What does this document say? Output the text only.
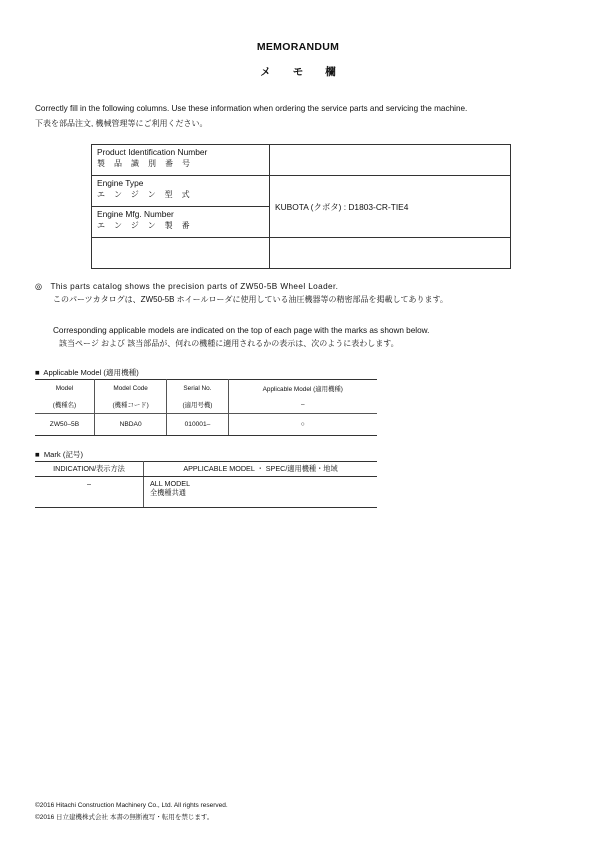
MEMORANDUM
メモ欄
Correctly fill in the following columns. Use these information when ordering the service parts and servicing the machine.
下表を部品注文, 機械管理等にご利用ください。
Product Identification Number
製品識別番号	

Engine Type
エンジン型式	KUBOTA (クボタ) : D1803-CR-TIE4
Engine Mfg. Number
エンジン製番	

◎ This parts catalog shows the precision parts of ZW50-5B Wheel Loader.
このパーツカタログは、ZW50-5B ホイールローダに使用している油圧機器等の精密部品を掲載してあります。
Corresponding applicable models are indicated on the top of each page with the marks as shown below.
該当ページ および 該当部品が、何れの機種に適用されるかの表示は、次のように表わします。
■ Applicable Model (適用機種)
Model	Model Code	Serial No.	Applicable Model (適用機種)
(機種名)	(機種コード)	(適用号機)	–
ZW50–5B	NBDA0	010001–	○
■ Mark (記号)
INDICATION/表示方法	APPLICABLE MODEL ・ SPEC/適用機種・地域
–	ALL MODEL
全機種共通
©2016 Hitachi Construction Machinery Co., Ltd. All rights reserved.
©2016 日立建機株式会社 本書の無断複写・転用を禁じます。
